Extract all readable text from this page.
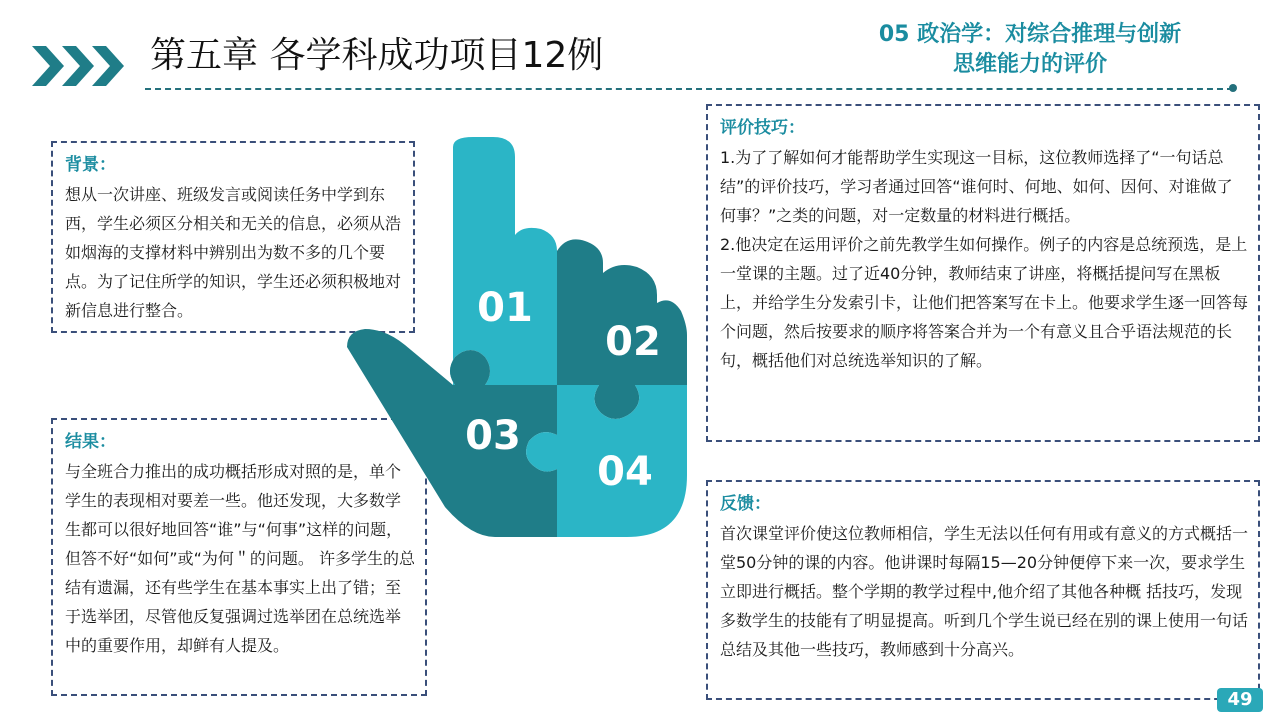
第五章 各学科成功项目12例
05 政治学：对综合推理与创新
思维能力的评价
背景：

想从一次讲座、班级发言或阅读任务中学到东西，学生必须区分相关和无关的信息，必须从浩如烟海的支撑材料中辨别出为数不多的几个要点。为了记住所学的知识，学生还必须积极地对新信息进行整合。

结果：

与全班合力推出的成功概括形成对照的是，单个学生的表现相对要差一些。他还发现，大多数学生都可以很好地回答“谁”与“何事”这样的问题，但答不好“如何”或“为何＂的问题。 许多学生的总结有遗漏，还有些学生在基本事实上出了错；至于选举团，尽管他反复强调过选举团在总统选举中的重要作用，却鲜有人提及。

评价技巧：

1.为了了解如何才能帮助学生实现这一目标，这位教师选择了“一句话总结”的评价技巧，学习者通过回答“谁何时、何地、如何、因何、对谁做了何事？”之类的问题，对一定数量的材料进行概括。

2.他决定在运用评价之前先教学生如何操作。例子的内容是总统预选，是上一堂课的主题。过了近40分钟，教师结束了讲座，将概括提问写在黑板上，并给学生分发索引卡，让他们把答案写在卡上。他要求学生逐一回答每个问题，然后按要求的顺序将答案合并为一个有意义且合乎语法规范的长句，概括他们对总统选举知识的了解。

反馈：

首次课堂评价使这位教师相信，学生无法以任何有用或有意义的方式概括一堂50分钟的课的内容。他讲课时每隔15—20分钟便停下来一次，要求学生立即进行概括。整个学期的教学过程中,他介绍了其他各种概 括技巧，发现多数学生的技能有了明显提高。听到几个学生说已经在别的课上使用一句话总结及其他一些技巧，教师感到十分高兴。

01
02
03
04
49
